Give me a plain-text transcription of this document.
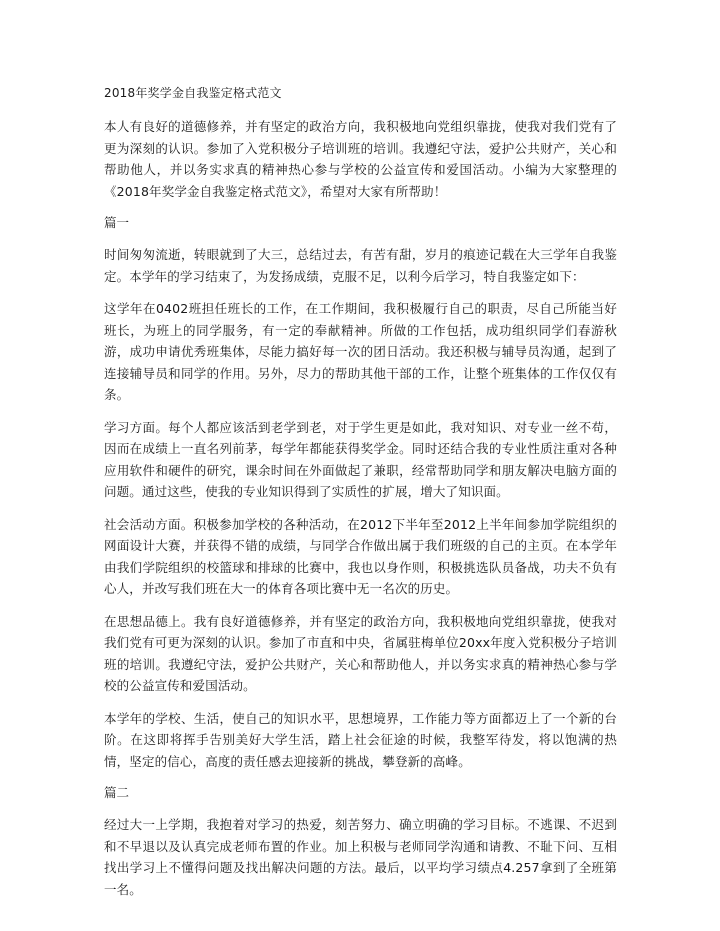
2018年奖学金自我鉴定格式范文

本人有良好的道德修养，并有坚定的政治方向，我积极地向党组织靠拢，使我对我们党有了更为深刻的认识。参加了入党积极分子培训班的培训。我遵纪守法，爱护公共财产，关心和帮助他人，并以务实求真的精神热心参与学校的公益宣传和爱国活动。小编为大家整理的《2018年奖学金自我鉴定格式范文》，希望对大家有所帮助！

篇一

时间匆匆流逝，转眼就到了大三，总结过去，有苦有甜，岁月的痕迹记载在大三学年自我鉴定。本学年的学习结束了，为发扬成绩，克服不足，以利今后学习，特自我鉴定如下：

这学年在0402班担任班长的工作，在工作期间，我积极履行自己的职责，尽自己所能当好班长，为班上的同学服务，有一定的奉献精神。所做的工作包括，成功组织同学们春游秋游，成功申请优秀班集体，尽能力搞好每一次的团日活动。我还积极与辅导员沟通，起到了连接辅导员和同学的作用。另外，尽力的帮助其他干部的工作，让整个班集体的工作仅仅有条。

学习方面。每个人都应该活到老学到老，对于学生更是如此，我对知识、对专业一丝不苟，因而在成绩上一直名列前茅，每学年都能获得奖学金。同时还结合我的专业性质注重对各种应用软件和硬件的研究，课余时间在外面做起了兼职，经常帮助同学和朋友解决电脑方面的问题。通过这些，使我的专业知识得到了实质性的扩展，增大了知识面。

社会活动方面。积极参加学校的各种活动，在2012下半年至2012上半年间参加学院组织的网面设计大赛，并获得不错的成绩，与同学合作做出属于我们班级的自己的主页。在本学年由我们学院组织的校篮球和排球的比赛中，我也以身作则，积极挑选队员备战，功夫不负有心人，并改写我们班在大一的体育各项比赛中无一名次的历史。

在思想品德上。我有良好道德修养，并有坚定的政治方向，我积极地向党组织靠拢，使我对我们党有可更为深刻的认识。参加了市直和中央，省属驻梅单位20xx年度入党积极分子培训班的培训。我遵纪守法，爱护公共财产，关心和帮助他人，并以务实求真的精神热心参与学校的公益宣传和爱国活动。

本学年的学校、生活，使自己的知识水平，思想境界，工作能力等方面都迈上了一个新的台阶。在这即将挥手告别美好大学生活，踏上社会征途的时候，我整军待发，将以饱满的热情，坚定的信心，高度的责任感去迎接新的挑战，攀登新的高峰。

篇二

经过大一上学期，我抱着对学习的热爱，刻苦努力、确立明确的学习目标。不逃课、不迟到和不早退以及认真完成老师布置的作业。加上积极与老师同学沟通和请教、不耻下问、互相找出学习上不懂得问题及找出解决问题的方法。最后，以平均学习绩点4.257拿到了全班第一名。
